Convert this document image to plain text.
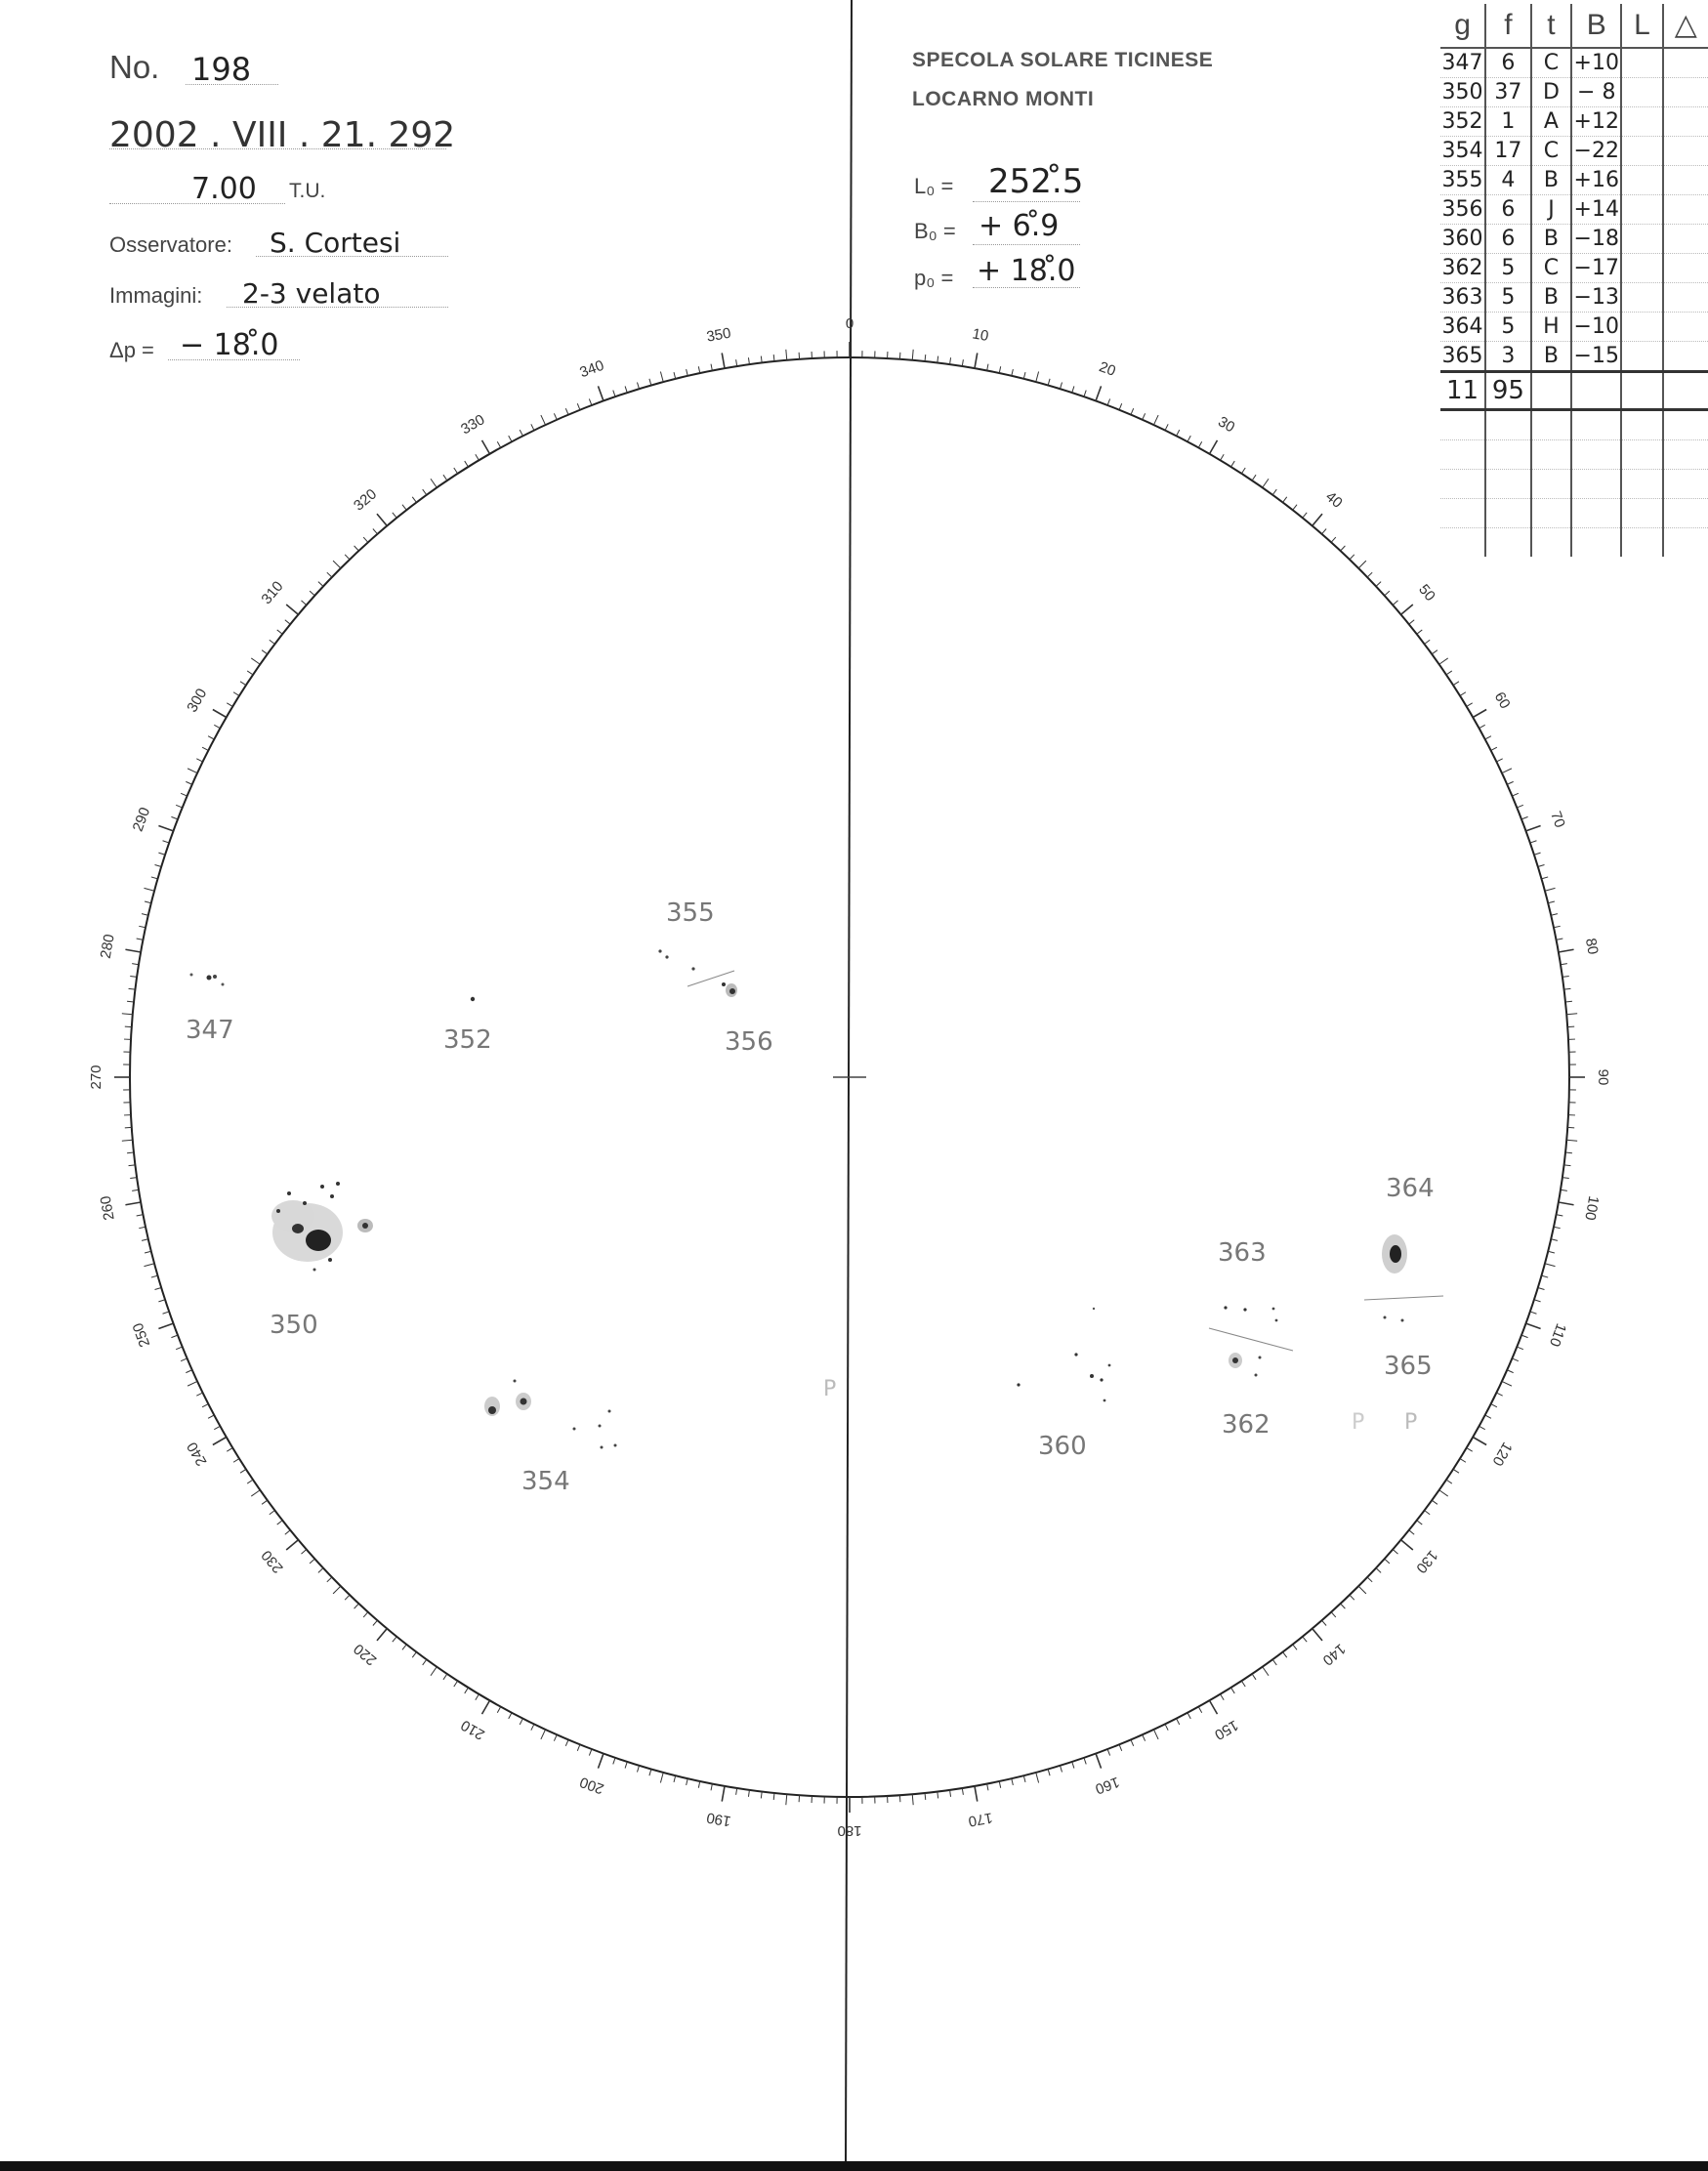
No. 198
2002 . VIII . 21. 292
7.00 T.U.
Osservatore: S. Cortesi
Immagini: 2-3 velato
Δp = − 18.̊0
SPECOLA SOLARE TICINESE
LOCARNO MONTI
L₀ = 252.̊5
B₀ = + 6.̊9
p₀ = + 18.̊0
g	f	t	B	L	△
347	6	C	+10		
350	37	D	− 8		
352	1	A	+12		
354	17	C	−22		
355	4	B	+16		
356	6	J	+14		
360	6	B	−18		
362	5	C	−17		
363	5	B	−13		
364	5	H	−10		
365	3	B	−15		
11	95				

0
10
20
30
40
50
60
70
80
90
100
110
120
130
140
150
160
170
180
190
200
210
220
230
240
250
260
270
280
290
300
310
320
330
340
350
347
350
352
354
355
356
360
362
363
364
365
P
P P
